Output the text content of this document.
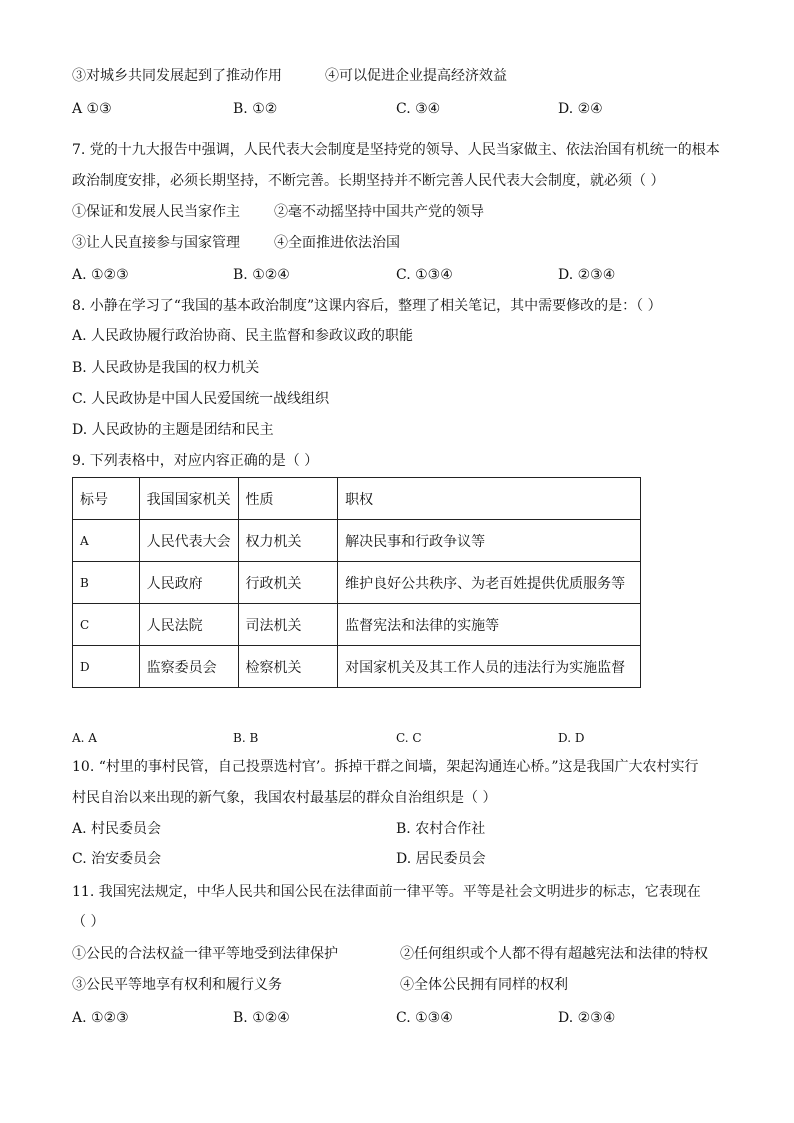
③对城乡共同发展起到了推动作用	④可以促进企业提高经济效益
A ①③	B. ①②	C. ③④	D. ②④
7. 党的十九大报告中强调，人民代表大会制度是坚持党的领导、人民当家做主、依法治国有机统一的根本
政治制度安排，必须长期坚持，不断完善。长期坚持并不断完善人民代表大会制度，就必须（ ）
①保证和发展人民当家作主 ②毫不动摇坚持中国共产党的领导
③让人民直接参与国家管理 ④全面推进依法治国
A. ①②③	B. ①②④	C. ①③④	D. ②③④
8. 小静在学习了“我国的基本政治制度”这课内容后，整理了相关笔记，其中需要修改的是：（ ）
A. 人民政协履行政治协商、民主监督和参政议政的职能
B. 人民政协是我国的权力机关
C. 人民政协是中国人民爱国统一战线组织
D. 人民政协的主题是团结和民主
9. 下列表格中，对应内容正确的是（ ）
标号	我国国家机关	性质	职权
A	人民代表大会	权力机关	解决民事和行政争议等
B	人民政府	行政机关	维护良好公共秩序、为老百姓提供优质服务等
C	人民法院	司法机关	监督宪法和法律的实施等
D	监察委员会	检察机关	对国家机关及其工作人员的违法行为实施监督
A. A	B. B	C. C	D. D
10. “村里的事村民管，自己投票选村官’。拆掉干群之间墙，架起沟通连心桥。”这是我国广大农村实行
村民自治以来出现的新气象，我国农村最基层的群众自治组织是（ ）
A. 村民委员会	B. 农村合作社
C. 治安委员会	D. 居民委员会
11. 我国宪法规定，中华人民共和国公民在法律面前一律平等。平等是社会文明进步的标志，它表现在
（ ）
①公民的合法权益一律平等地受到法律保护	②任何组织或个人都不得有超越宪法和法律的特权
③公民平等地享有权利和履行义务	④全体公民拥有同样的权利
A. ①②③	B. ①②④	C. ①③④	D. ②③④
